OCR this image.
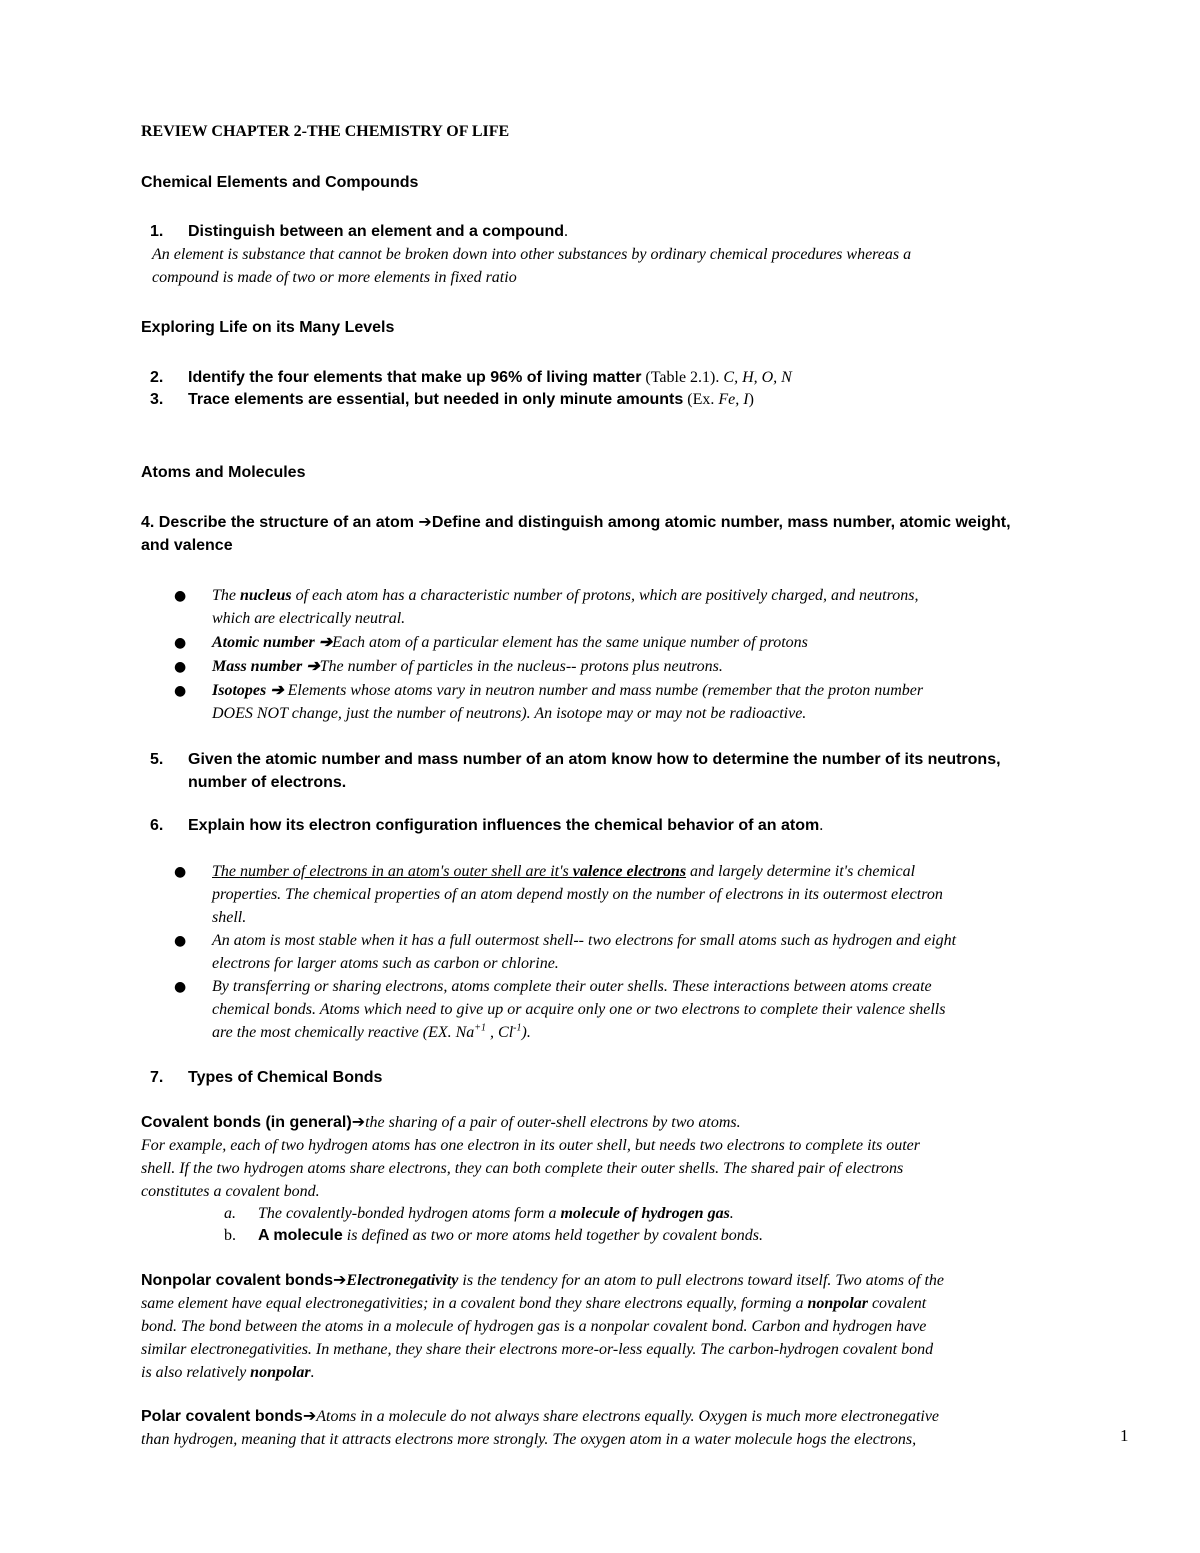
REVIEW CHAPTER 2-THE CHEMISTRY OF LIFE
Chemical Elements and Compounds
1. Distinguish between an element and a compound.
An element is substance that cannot be broken down into other substances by ordinary chemical procedures whereas a
compound is made of two or more elements in fixed ratio
Exploring Life on its Many Levels
2. Identify the four elements that make up 96% of living matter (Table 2.1). C, H, O, N
3. Trace elements are essential, but needed in only minute amounts (Ex. Fe, I)
Atoms and Molecules
4. Describe the structure of an atom ➔Define and distinguish among atomic number, mass number, atomic weight,
and valence
● The nucleus of each atom has a characteristic number of protons, which are positively charged, and neutrons,
which are electrically neutral.
● Atomic number ➔Each atom of a particular element has the same unique number of protons
● Mass number ➔The number of particles in the nucleus-- protons plus neutrons.
● Isotopes ➔ Elements whose atoms vary in neutron number and mass numbe (remember that the proton number
DOES NOT change, just the number of neutrons). An isotope may or may not be radioactive.
5. Given the atomic number and mass number of an atom know how to determine the number of its neutrons,
number of electrons.
6. Explain how its electron configuration influences the chemical behavior of an atom.
● The number of electrons in an atom's outer shell are it's valence electrons and largely determine it's chemical
properties. The chemical properties of an atom depend mostly on the number of electrons in its outermost electron
shell.
● An atom is most stable when it has a full outermost shell-- two electrons for small atoms such as hydrogen and eight
electrons for larger atoms such as carbon or chlorine.
● By transferring or sharing electrons, atoms complete their outer shells. These interactions between atoms create
chemical bonds. Atoms which need to give up or acquire only one or two electrons to complete their valence shells
are the most chemically reactive (EX. $Na^{+1}$ , $Cl^{-1}$).
7. Types of Chemical Bonds
Covalent bonds (in general)➔the sharing of a pair of outer-shell electrons by two atoms.
For example, each of two hydrogen atoms has one electron in its outer shell, but needs two electrons to complete its outer
shell. If the two hydrogen atoms share electrons, they can both complete their outer shells. The shared pair of electrons
constitutes a covalent bond.
a. The covalently-bonded hydrogen atoms form a molecule of hydrogen gas.
b. A molecule is defined as two or more atoms held together by covalent bonds.
Nonpolar covalent bonds➔Electronegativity is the tendency for an atom to pull electrons toward itself. Two atoms of the
same element have equal electronegativities; in a covalent bond they share electrons equally, forming a nonpolar covalent
bond. The bond between the atoms in a molecule of hydrogen gas is a nonpolar covalent bond. Carbon and hydrogen have
similar electronegativities. In methane, they share their electrons more-or-less equally. The carbon-hydrogen covalent bond
is also relatively nonpolar.
Polar covalent bonds➔Atoms in a molecule do not always share electrons equally. Oxygen is much more electronegative
than hydrogen, meaning that it attracts electrons more strongly. The oxygen atom in a water molecule hogs the electrons,	1
